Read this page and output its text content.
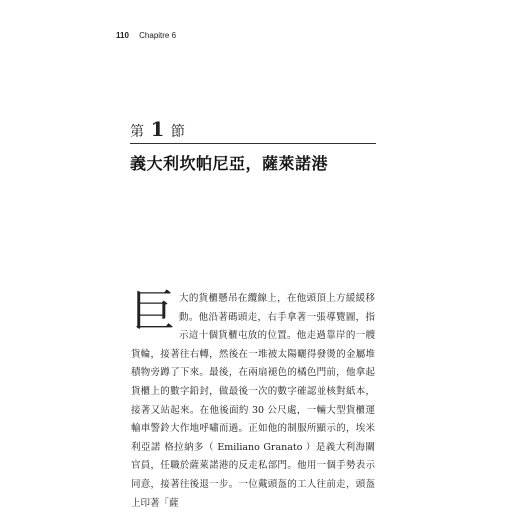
110 Chapitre 6
第 1 節
義大利坎帕尼亞，薩萊諾港
巨 大的貨櫃懸吊在纜線上，在他頭頂上方緩緩移動。他沿著碼頭走，右手拿著一張導覽圖，指示這十個貨櫃屯放的位置。他走過靠岸的一艘貨輪，接著往右轉，然後在一堆被太陽曬得發燙的金屬堆積物旁蹲了下來。最後，在兩扇褪色的橘色門前，他拿起貨櫃上的數字鉛封，做最後一次的數字確認並核對紙本，接著又站起來。在他後面約 30 公尺處，一輛大型貨櫃運輸車警鈴大作地呼嘯而過。正如他的制服所顯示的，埃米利亞諾 格拉納多（ Emiliano Granato ）是義大利海關官員，任職於薩萊諾港的反走私部門。他用一個手勢表示同意，接著往後退一步。一位戴頭盔的工人往前走，頭盔上印著「薩
